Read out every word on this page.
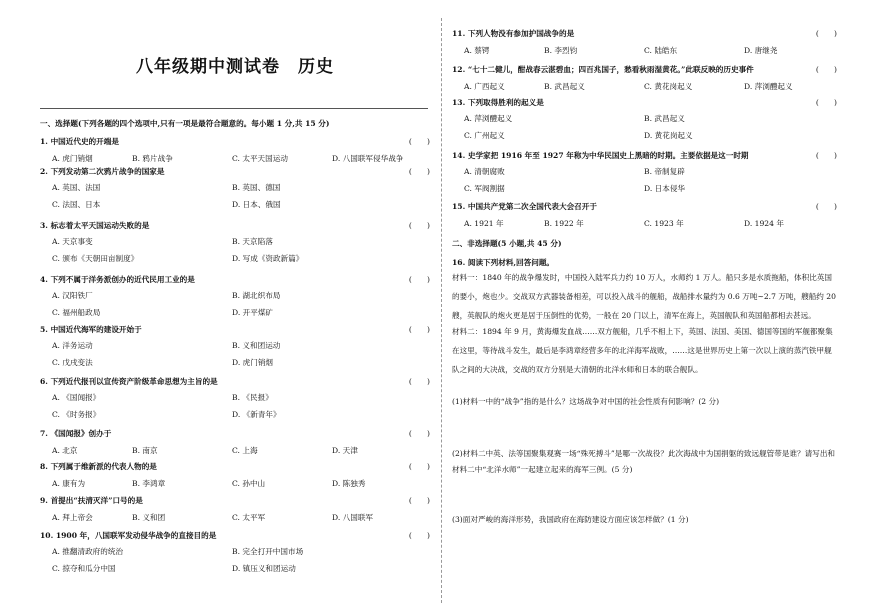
八年级期中测试卷　历史
一、选择题(下列各题的四个选项中,只有一项是最符合题意的。每小题 1 分,共 15 分)
1. 中国近代史的开端是	(　　)
A. 虎门销烟	B. 鸦片战争	C. 太平天国运动	D. 八国联军侵华战争
2. 下列发动第二次鸦片战争的国家是	(　　)
A. 英国、法国	B. 英国、德国
C. 法国、日本	D. 日本、俄国
3. 标志着太平天国运动失败的是	(　　)
A. 天京事变	B. 天京陷落
C. 颁布《天朝田亩制度》	D. 写成《资政新篇》
4. 下列不属于洋务派创办的近代民用工业的是	(　　)
A. 汉阳铁厂	B. 湖北织布局
C. 福州船政局	D. 开平煤矿
5. 中国近代海军的建设开始于	(　　)
A. 洋务运动	B. 义和团运动
C. 戊戌变法	D. 虎门销烟
6. 下列近代报刊以宣传资产阶级革命思想为主旨的是	(　　)
A. 《国闻报》	B. 《民报》
C. 《时务报》	D. 《新青年》
7. 《国闻报》创办于	(　　)
A. 北京	B. 南京	C. 上海	D. 天津
8. 下列属于维新派的代表人物的是	(　　)
A. 康有为	B. 李鸿章	C. 孙中山	D. 陈独秀
9. 首提出“扶清灭洋”口号的是	(　　)
A. 拜上帝会	B. 义和团	C. 太平军	D. 八国联军
10. 1900 年，八国联军发动侵华战争的直接目的是	(　　)
A. 推翻清政府的统治	B. 完全打开中国市场
C. 掠夺和瓜分中国	D. 镇压义和团运动
11. 下列人物没有参加护国战争的是	(　　)
A. 蔡锷	B. 李烈钧	C. 陆皓东	D. 唐继尧
12. “七十二健儿，酣战春云湛碧血；四百兆国子，愁看秋雨湿黄花。”此联反映的历史事件	(　　)
A. 广西起义	B. 武昌起义	C. 黄花岗起义	D. 萍浏醴起义
13. 下列取得胜利的起义是	(　　)
A. 萍浏醴起义	B. 武昌起义
C. 广州起义	D. 黄花岗起义
14. 史学家把 1916 年至 1927 年称为中华民国史上黑暗的时期。主要依据是这一时期	(　　)
A. 清朝腐败	B. 帝制复辟
C. 军阀割据	D. 日本侵华
15. 中国共产党第二次全国代表大会召开于	(　　)
A. 1921 年	B. 1922 年	C. 1923 年	D. 1924 年
二、非选择题(5 小题,共 45 分)
16. 阅读下列材料,回答问题。
材料一：1840 年的战争爆发时，中国投入陆军兵力约 10 万人，水师约 1 万人。船只多是水质拖船，体积比英国的要小，炮也少。交战双方武器装备相差，可以投入战斗的舰船，战船排水量约为 0.6 万吨~2.7 万吨，艘船约 20 艘，英舰队的炮火更是居于压倒性的优势，一般在 20 门以上，清军在海上，英国舰队和英国船都相去甚远。
材料二：1894 年 9 月，黄海爆发血战……双方舰船，几乎不相上下，英国、法国、美国、德国等国的军舰都聚集在这里，等待战斗发生，最后是李鸿章经营多年的北洋海军战败，……这是世界历史上第一次以上演的蒸汽铁甲舰队之间的大决战，交战的双方分别是大清朝的北洋水师和日本的联合舰队。
(1)材料一中的“战争”指的是什么？这场战争对中国的社会性质有何影响？(2 分)
(2)材料二中英、法等国聚集观赛一场“殊死搏斗”是哪一次战役？此次海战中为国捐躯的致远舰管带是谁？请写出和材料二中“北洋水师”一起建立起来的海军三例。(5 分)
(3)面对严峻的海洋形势，我国政府在海防建设方面应该怎样做？(1 分)
